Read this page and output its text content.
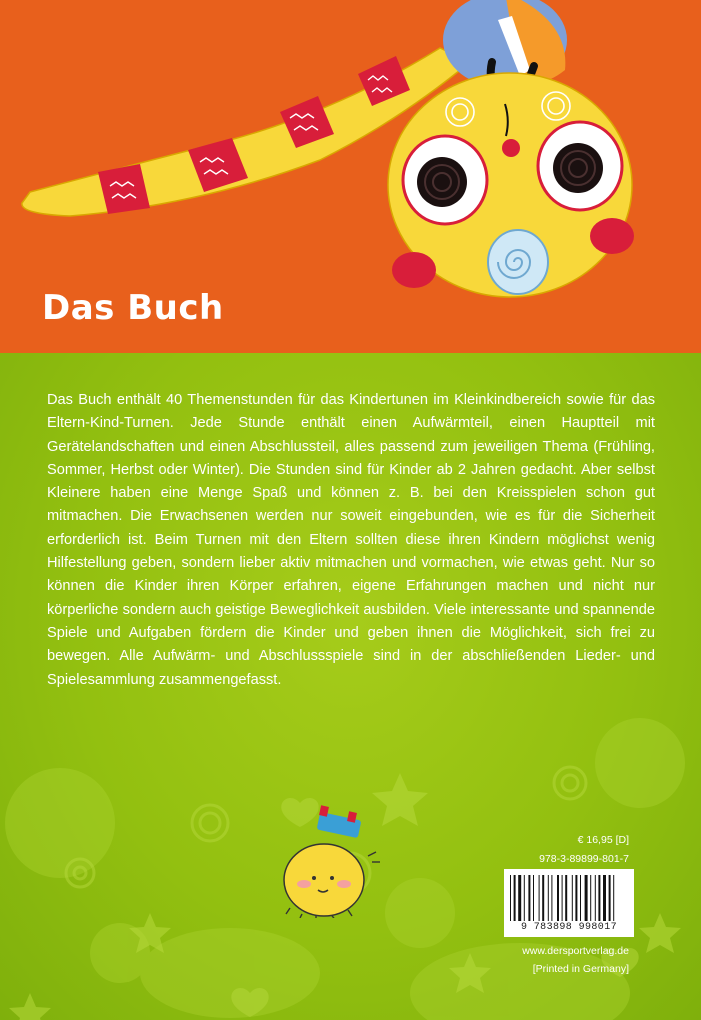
Das Buch

Das Buch enthält 40 Themenstunden für das Kindertunen im Kleinkindbereich sowie für das Eltern-Kind-Turnen. Jede Stunde enthält einen Aufwärmteil, einen Hauptteil mit Gerätelandschaften und einen Abschlussteil, alles passend zum jeweiligen Thema (Frühling, Sommer, Herbst oder Winter). Die Stunden sind für Kinder ab 2 Jahren gedacht. Aber selbst Kleinere haben eine Menge Spaß und können z. B. bei den Kreisspielen schon gut mitmachen. Die Erwachsenen werden nur soweit eingebunden, wie es für die Sicherheit erforderlich ist. Beim Turnen mit den Eltern sollten diese ihren Kindern möglichst wenig Hilfestellung geben, sondern lieber aktiv mitmachen und vormachen, wie etwas geht. Nur so können die Kinder ihren Körper erfahren, eigene Erfahrungen machen und nicht nur körperliche sondern auch geistige Beweglichkeit ausbilden. Viele interessante und spannende Spiele und Aufgaben fördern die Kinder und geben ihnen die Möglichkeit, sich frei zu bewegen. Alle Aufwärm- und Abschlussspiele sind in der abschließenden Lieder- und Spielesammlung zusammengefasst.

€ 16,95 [D]
978-3-89899-801-7
9 783898 998017
www.dersportverlag.de
[Printed in Germany]
